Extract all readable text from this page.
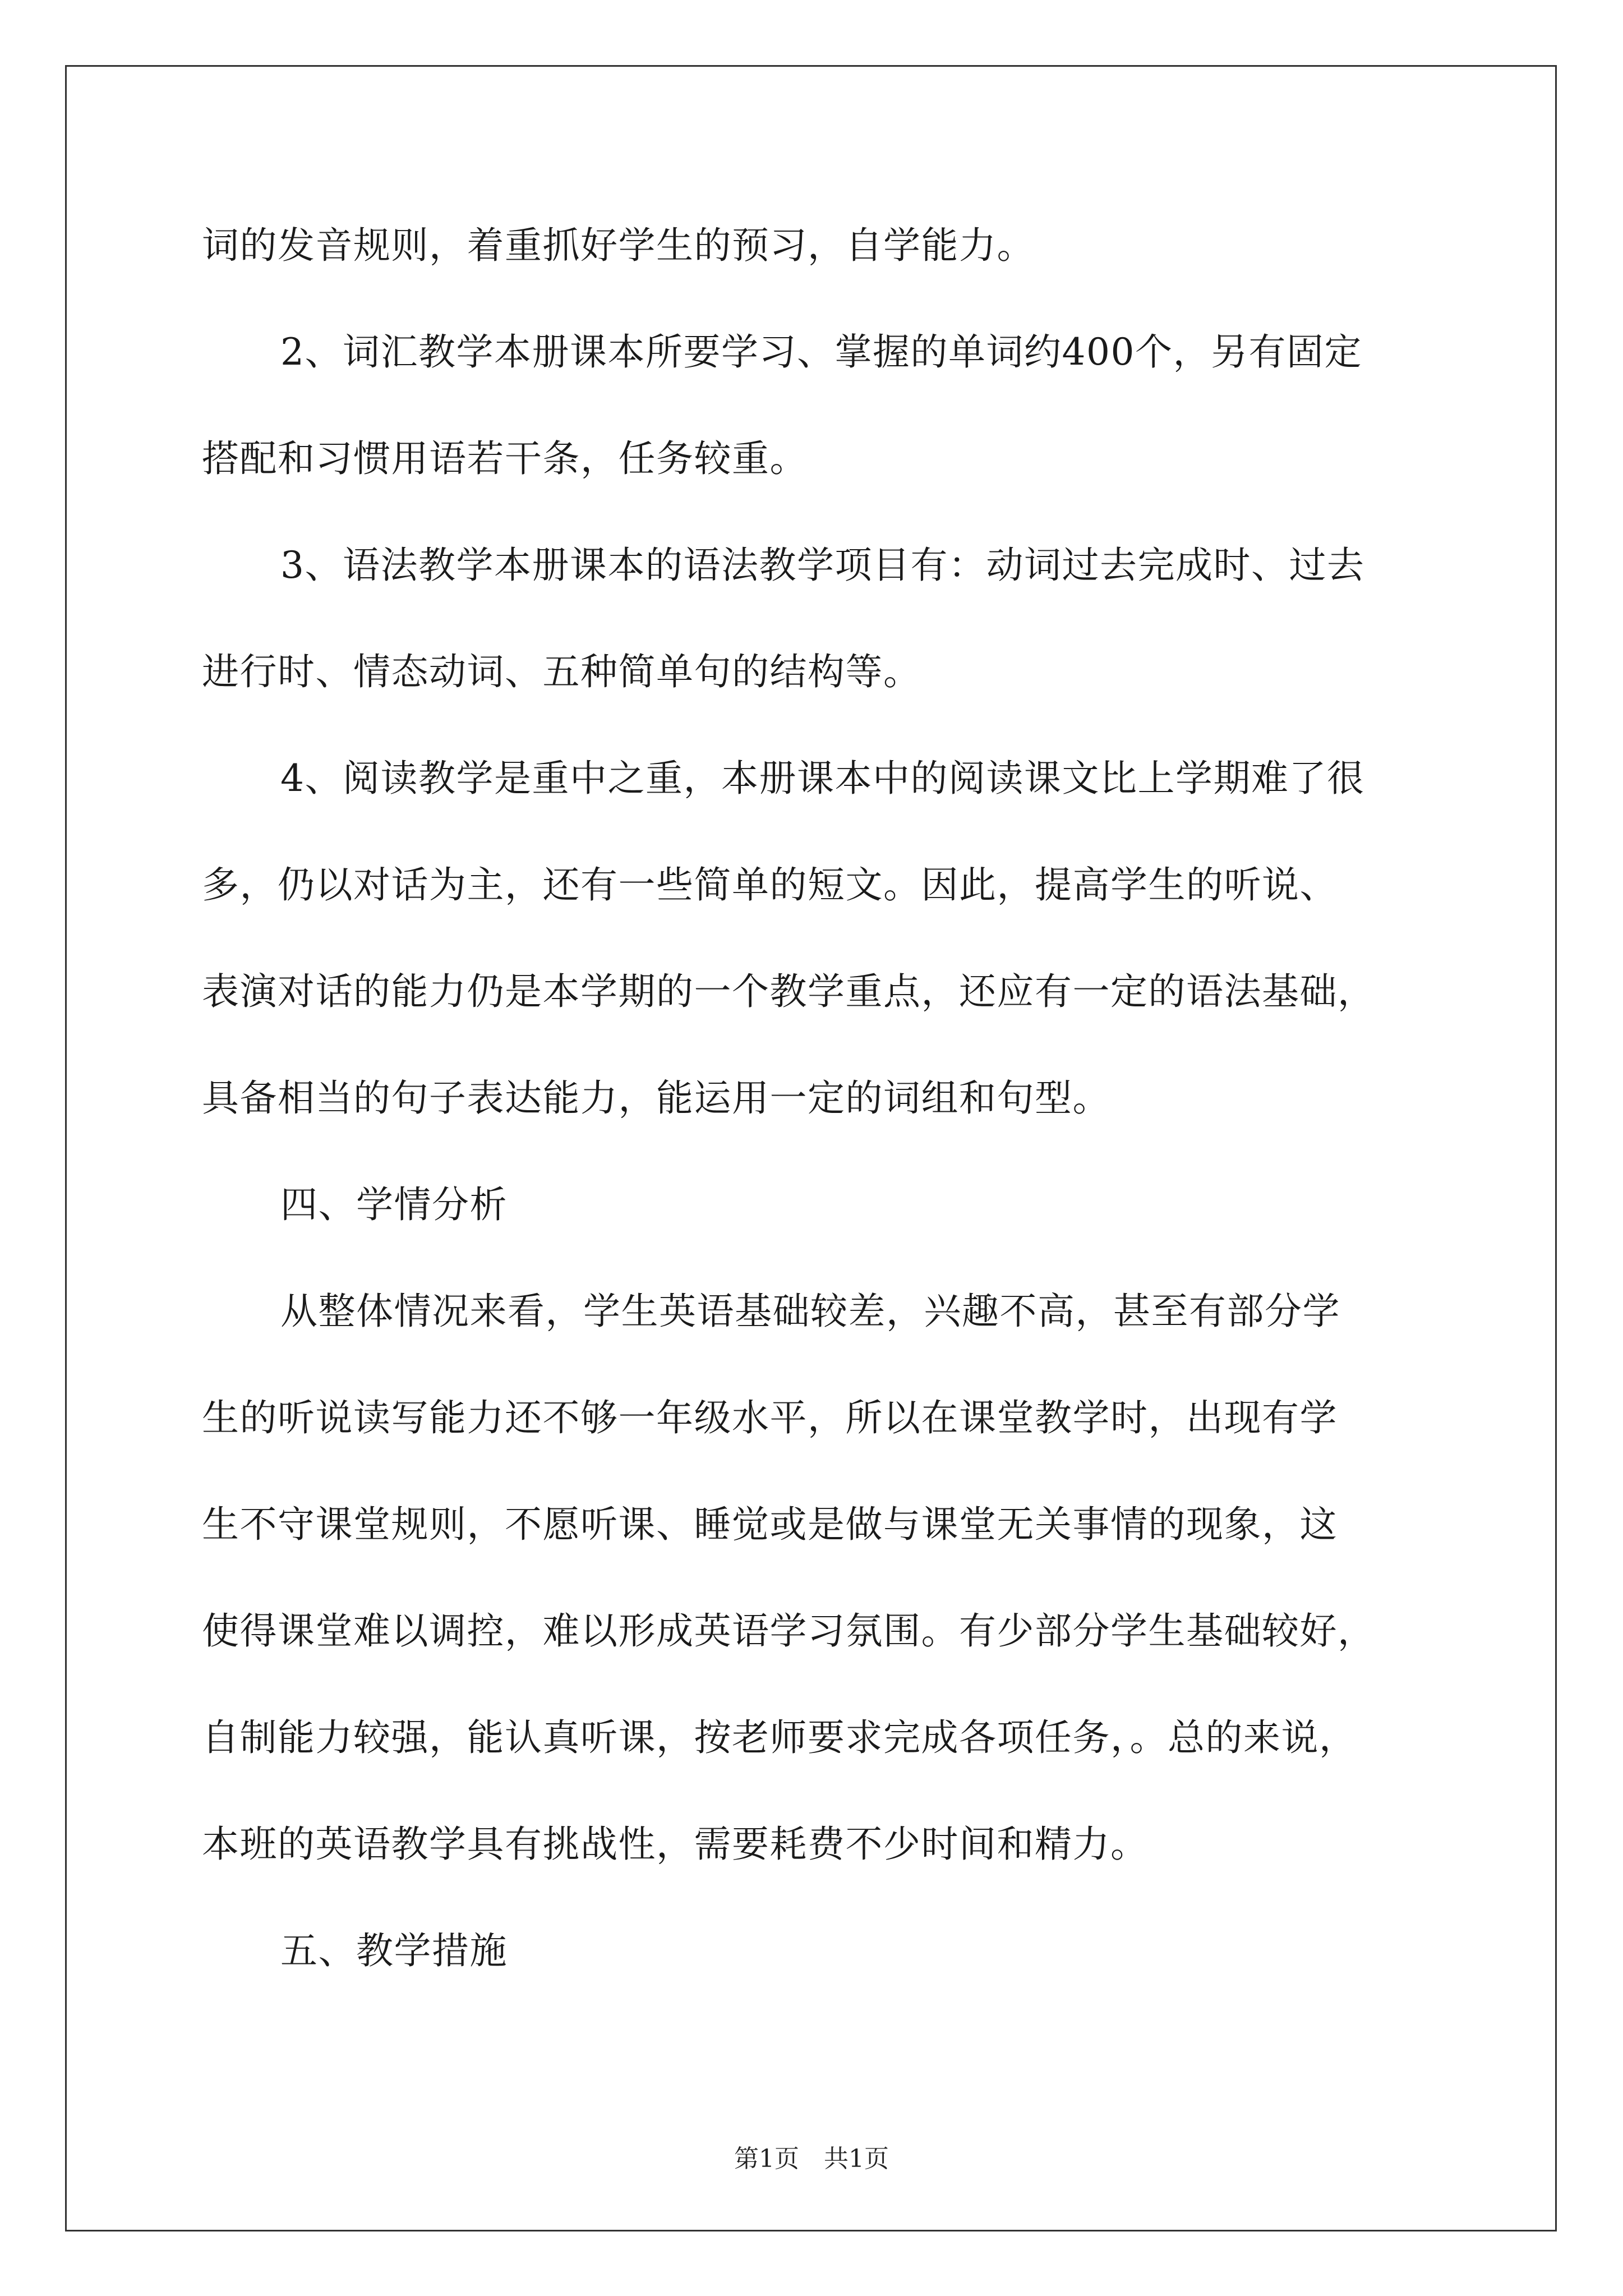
词的发音规则，着重抓好学生的预习，自学能力。
2、词汇教学本册课本所要学习、掌握的单词约400个，另有固定
搭配和习惯用语若干条，任务较重。
3、语法教学本册课本的语法教学项目有：动词过去完成时、过去
进行时、情态动词、五种简单句的结构等。
4、阅读教学是重中之重，本册课本中的阅读课文比上学期难了很
多，仍以对话为主，还有一些简单的短文。因此，提高学生的听说、
表演对话的能力仍是本学期的一个教学重点，还应有一定的语法基础，
具备相当的句子表达能力，能运用一定的词组和句型。
四、学情分析
从整体情况来看，学生英语基础较差，兴趣不高，甚至有部分学
生的听说读写能力还不够一年级水平，所以在课堂教学时，出现有学
生不守课堂规则，不愿听课、睡觉或是做与课堂无关事情的现象，这
使得课堂难以调控，难以形成英语学习氛围。有少部分学生基础较好，
自制能力较强，能认真听课，按老师要求完成各项任务，。总的来说，
本班的英语教学具有挑战性，需要耗费不少时间和精力。
五、教学措施
第1页　共1页
